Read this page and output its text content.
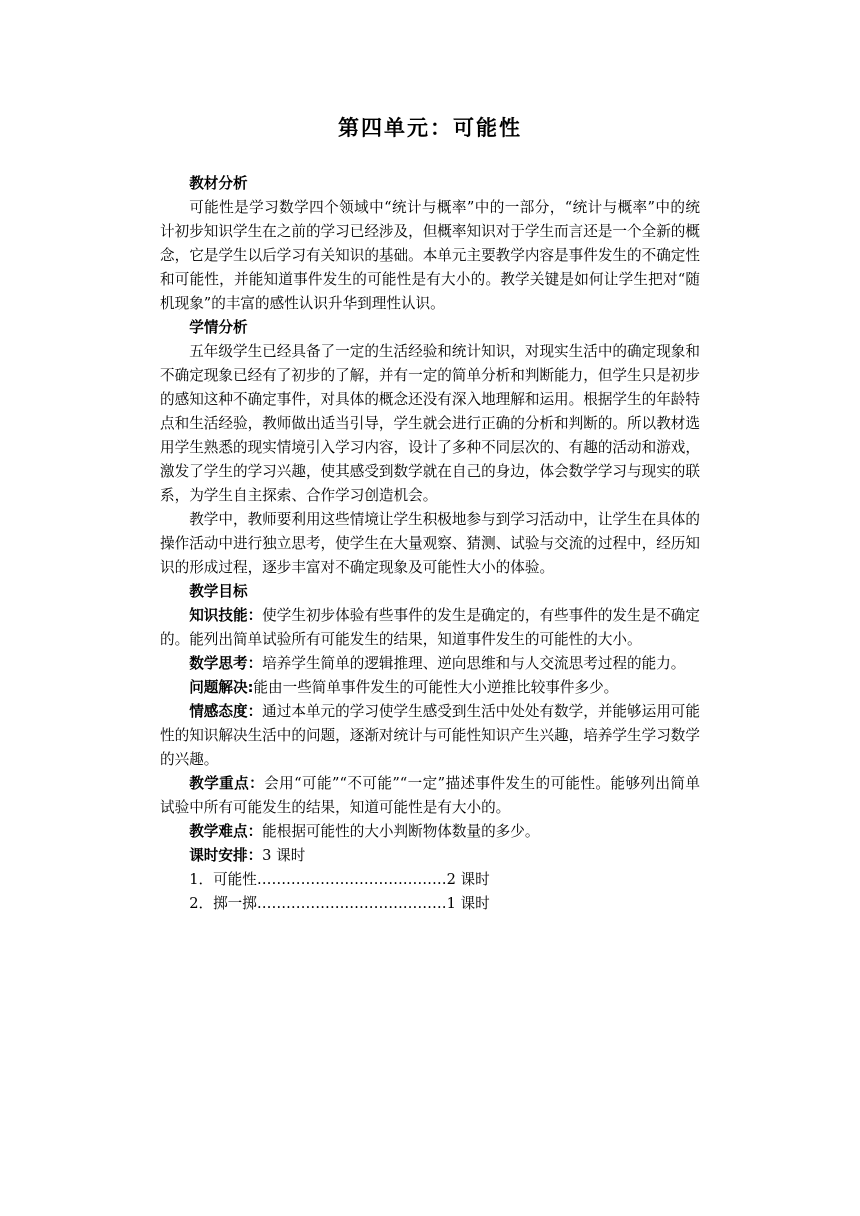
第四单元：可能性

教材分析

可能性是学习数学四个领域中“统计与概率”中的一部分，“统计与概率”中的统计初步知识学生在之前的学习已经涉及，但概率知识对于学生而言还是一个全新的概念，它是学生以后学习有关知识的基础。本单元主要教学内容是事件发生的不确定性和可能性，并能知道事件发生的可能性是有大小的。教学关键是如何让学生把对“随机现象”的丰富的感性认识升华到理性认识。

学情分析

五年级学生已经具备了一定的生活经验和统计知识，对现实生活中的确定现象和不确定现象已经有了初步的了解，并有一定的简单分析和判断能力，但学生只是初步的感知这种不确定事件，对具体的概念还没有深入地理解和运用。根据学生的年龄特点和生活经验，教师做出适当引导，学生就会进行正确的分析和判断的。所以教材选用学生熟悉的现实情境引入学习内容，设计了多种不同层次的、有趣的活动和游戏，激发了学生的学习兴趣，使其感受到数学就在自己的身边，体会数学学习与现实的联系，为学生自主探索、合作学习创造机会。

教学中，教师要利用这些情境让学生积极地参与到学习活动中，让学生在具体的操作活动中进行独立思考，使学生在大量观察、猜测、试验与交流的过程中，经历知识的形成过程，逐步丰富对不确定现象及可能性大小的体验。

教学目标

知识技能：使学生初步体验有些事件的发生是确定的，有些事件的发生是不确定的。能列出简单试验所有可能发生的结果，知道事件发生的可能性的大小。

数学思考：培养学生简单的逻辑推理、逆向思维和与人交流思考过程的能力。

问题解决:能由一些简单事件发生的可能性大小逆推比较事件多少。

情感态度：通过本单元的学习使学生感受到生活中处处有数学，并能够运用可能性的知识解决生活中的问题，逐渐对统计与可能性知识产生兴趣，培养学生学习数学的兴趣。

教学重点：会用“可能”“不可能”“一定”描述事件发生的可能性。能够列出简单试验中所有可能发生的结果，知道可能性是有大小的。

教学难点：能根据可能性的大小判断物体数量的多少。

课时安排：3 课时

1．可能性…………………………………2 课时

2．掷一掷…………………………………1 课时
